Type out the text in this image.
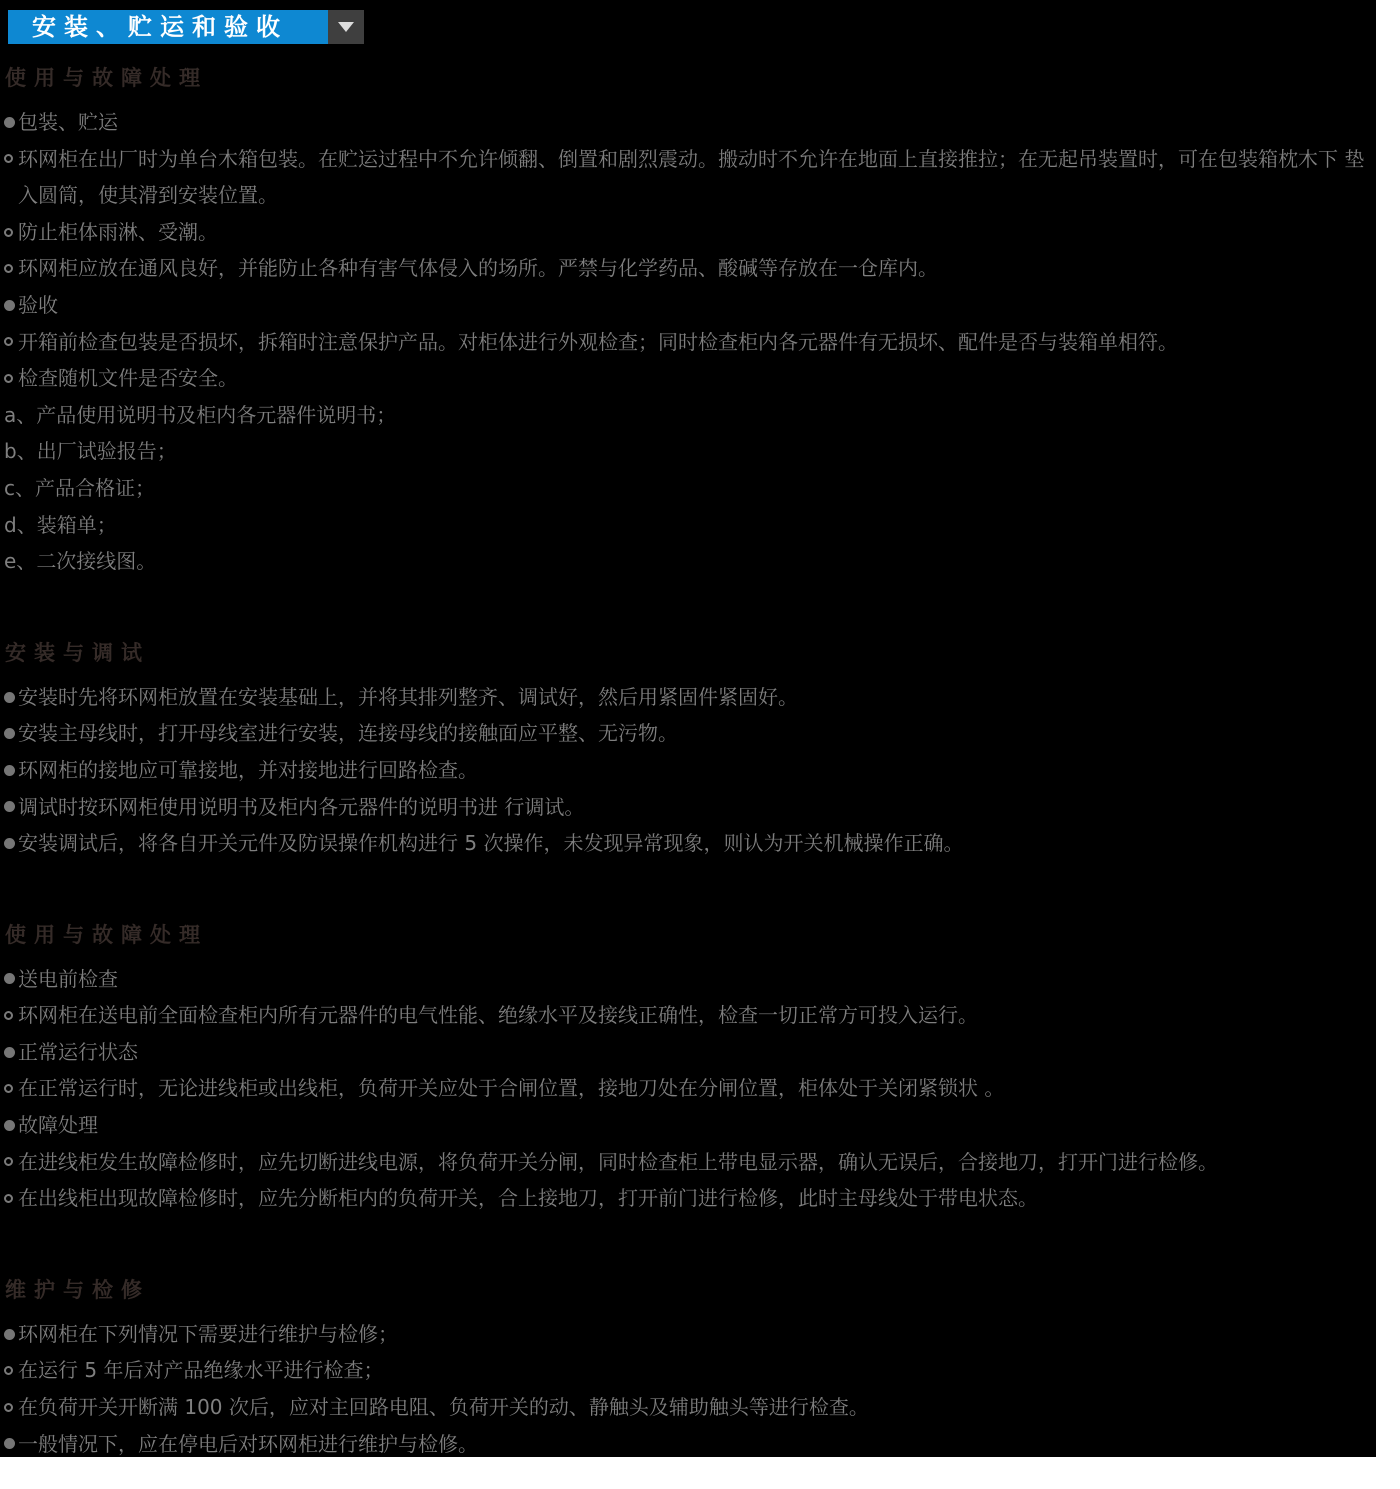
安装、贮运和验收
使用与故障处理
包装、贮运
环网柜在出厂时为单台木箱包装。在贮运过程中不允许倾翻、倒置和剧烈震动。搬动时不允许在地面上直接推拉；在无起吊装置时，可在包装箱枕木下 垫入圆筒，使其滑到安装位置。
防止柜体雨淋、受潮。
环网柜应放在通风良好，并能防止各种有害气体侵入的场所。严禁与化学药品、酸碱等存放在一仓库内。
验收
开箱前检查包装是否损坏，拆箱时注意保护产品。对柜体进行外观检查；同时检查柜内各元器件有无损坏、配件是否与装箱单相符。
检查随机文件是否安全。
a、 产品使用说明书及柜内各元器件说明书；
b、 出厂试验报告；
c、 产品合格证；
d、 装箱单；
e、 二次接线图。
安装与调试
安装时先将环网柜放置在安装基础上，并将其排列整齐、调试好，然后用紧固件紧固好。
安装主母线时，打开母线室进行安装，连接母线的接触面应平整、无污物。
环网柜的接地应可靠接地，并对接地进行回路检查。
调试时按环网柜使用说明书及柜内各元器件的说明书进 行调试。
安装调试后，将各自开关元件及防误操作机构进行 5 次操作，未发现异常现象，则认为开关机械操作正确。
使用与故障处理
送电前检查
环网柜在送电前全面检查柜内所有元器件的电气性能、绝缘水平及接线正确性，检查一切正常方可投入运行。
正常运行状态
在正常运行时，无论进线柜或出线柜，负荷开关应处于合闸位置，接地刀处在分闸位置，柜体处于关闭紧锁状 。
故障处理
在进线柜发生故障检修时，应先切断进线电源，将负荷开关分闸，同时检查柜上带电显示器，确认无误后，合接地刀，打开门进行检修。
在出线柜出现故障检修时，应先分断柜内的负荷开关，合上接地刀，打开前门进行检修，此时主母线处于带电状态。
维护与检修
环网柜在下列情况下需要进行维护与检修；
在运行 5 年后对产品绝缘水平进行检查；
在负荷开关开断满 100 次后，应对主回路电阻、负荷开关的动、静触头及辅助触头等进行检查。
一般情况下，应在停电后对环网柜进行维护与检修。
